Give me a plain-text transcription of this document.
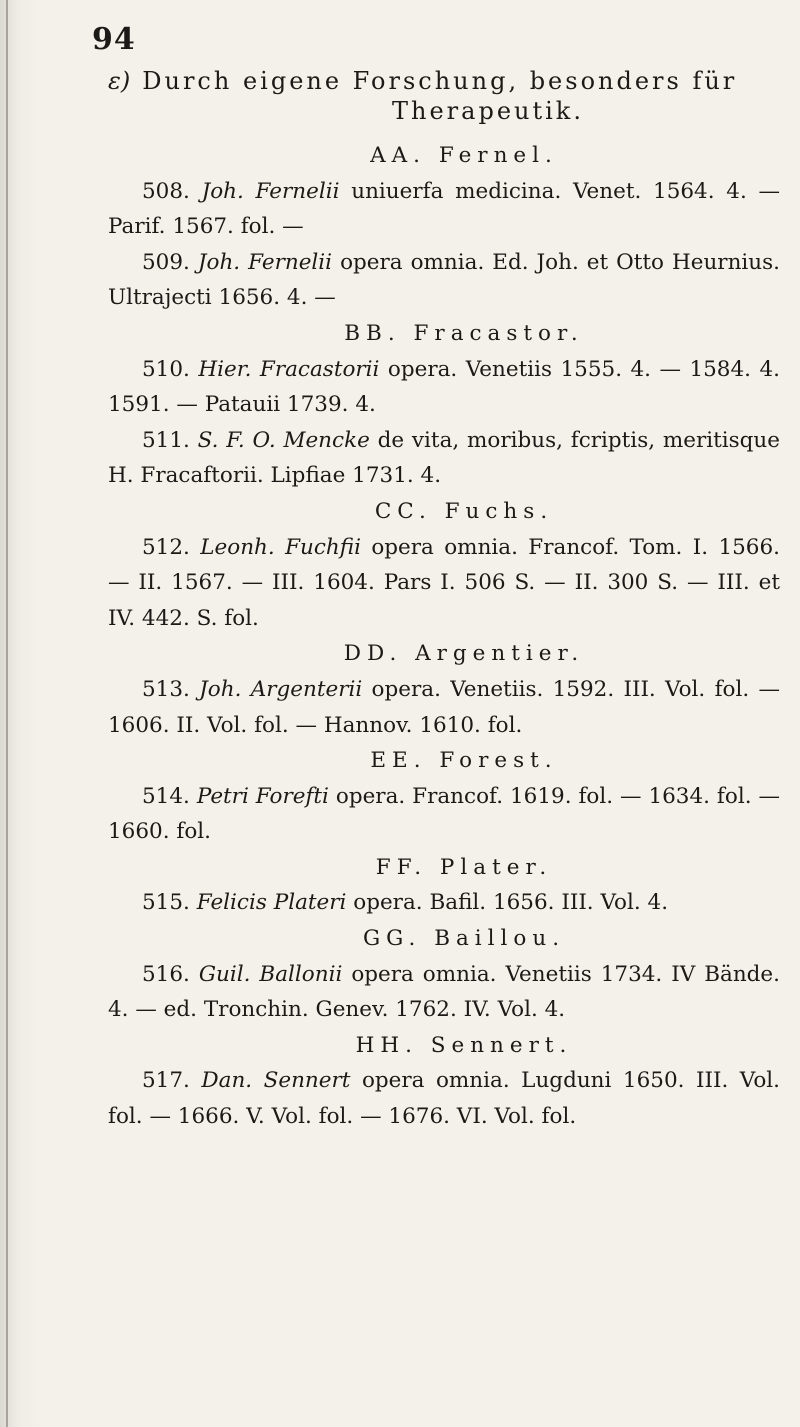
94
ε) Durch eigene Forschung, besonders für
Therapeutik.
AA. Fernel.
508. Joh. Fernelii uniuerfa medicina. Venet. 1564. 4. — Parif. 1567. fol. —
509. Joh. Fernelii opera omnia. Ed. Joh. et Otto Heurnius. Ultrajecti 1656. 4. —
BB. Fracastor.
510. Hier. Fracastorii opera. Venetiis 1555. 4. — 1584. 4. 1591. — Patauii 1739. 4.
511. S. F. O. Mencke de vita, moribus, fcriptis, meritisque H. Fracaftorii. Lipfiae 1731. 4.
CC. Fuchs.
512. Leonh. Fuchfii opera omnia. Francof. Tom. I. 1566. — II. 1567. — III. 1604. Pars I. 506 S. — II. 300 S. — III. et IV. 442. S. fol.
DD. Argentier.
513. Joh. Argenterii opera. Venetiis. 1592. III. Vol. fol. — 1606. II. Vol. fol. — Hannov. 1610. fol.
EE. Forest.
514. Petri Forefti opera. Francof. 1619. fol. — 1634. fol. — 1660. fol.
FF. Plater.
515. Felicis Plateri opera. Bafil. 1656. III. Vol. 4.
GG. Baillou.
516. Guil. Ballonii opera omnia. Venetiis 1734. IV Bände. 4. — ed. Tronchin. Genev. 1762. IV. Vol. 4.
HH. Sennert.
517. Dan. Sennert opera omnia. Lugduni 1650. III. Vol. fol. — 1666. V. Vol. fol. — 1676. VI. Vol. fol.
